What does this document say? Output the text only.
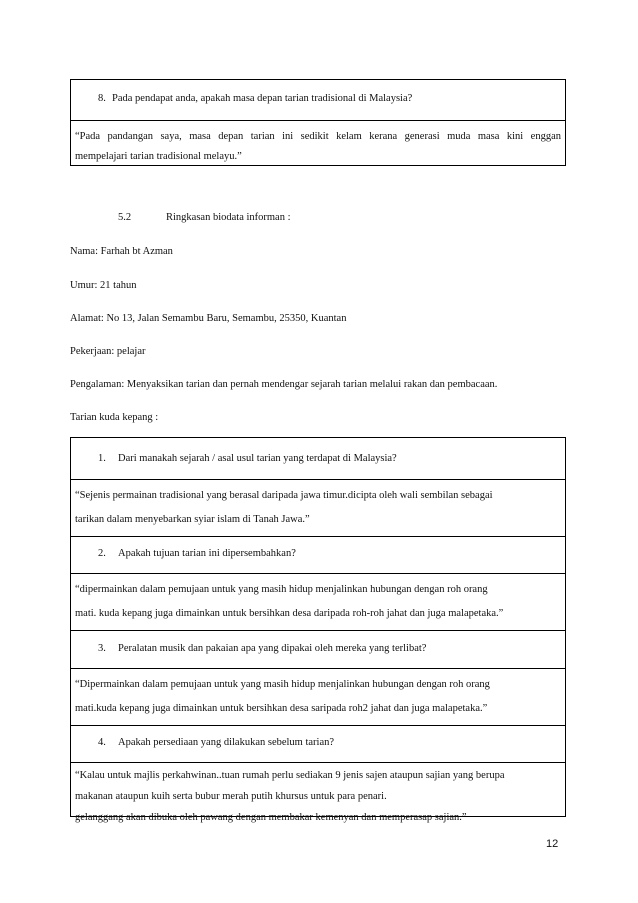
8. Pada pendapat anda, apakah masa depan tarian tradisional di Malaysia?
“Pada pandangan saya, masa depan tarian ini sedikit kelam kerana generasi muda masa kini enggan
mempelajari tarian tradisional melayu.”
5.2	Ringkasan biodata informan :
Nama: Farhah bt Azman
Umur: 21 tahun
Alamat: No 13, Jalan Semambu Baru, Semambu, 25350, Kuantan
Pekerjaan: pelajar
Pengalaman: Menyaksikan tarian dan pernah mendengar sejarah tarian melalui rakan dan pembacaan.
Tarian kuda kepang :
1. Dari manakah sejarah / asal usul tarian yang terdapat di Malaysia?
“Sejenis permainan tradisional yang berasal daripada jawa timur.dicipta oleh wali sembilan sebagai
tarikan dalam menyebarkan syiar islam di Tanah Jawa.”
2. Apakah tujuan tarian ini dipersembahkan?
“dipermainkan dalam pemujaan untuk yang masih hidup menjalinkan hubungan dengan roh orang
mati. kuda kepang juga dimainkan untuk bersihkan desa daripada roh-roh jahat dan juga malapetaka.”
3. Peralatan musik dan pakaian apa yang dipakai oleh mereka yang terlibat?
“Dipermainkan dalam pemujaan untuk yang masih hidup menjalinkan hubungan dengan roh orang
mati.kuda kepang juga dimainkan untuk bersihkan desa saripada roh2 jahat dan juga malapetaka.”
4. Apakah persediaan yang dilakukan sebelum tarian?
“Kalau untuk majlis perkahwinan..tuan rumah perlu sediakan 9 jenis sajen ataupun sajian yang berupa
makanan ataupun kuih serta bubur merah putih khursus untuk para penari.
gelanggang akan dibuka oleh pawang dengan membakar kemenyan dan memperasap sajian.”
12
